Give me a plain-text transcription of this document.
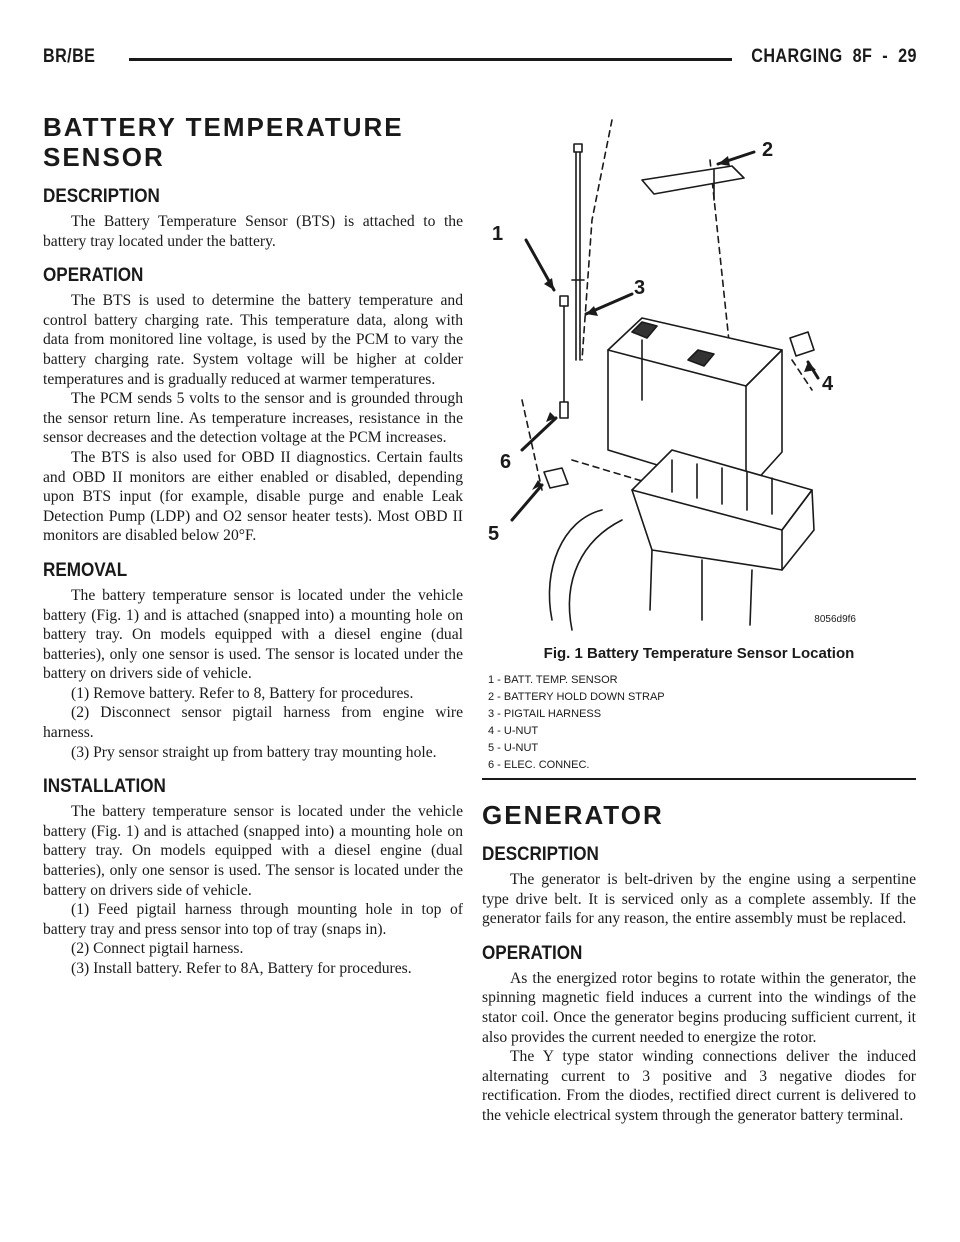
BR/BE	CHARGING 8F - 29
BATTERY TEMPERATURE SENSOR
DESCRIPTION

The Battery Temperature Sensor (BTS) is attached to the battery tray located under the battery.

OPERATION

The BTS is used to determine the battery temperature and control battery charging rate. This temperature data, along with data from monitored line voltage, is used by the PCM to vary the battery charging rate. System voltage will be higher at colder temperatures and is gradually reduced at warmer temperatures.

The PCM sends 5 volts to the sensor and is grounded through the sensor return line. As temperature increases, resistance in the sensor decreases and the detection voltage at the PCM increases.

The BTS is also used for OBD II diagnostics. Certain faults and OBD II monitors are either enabled or disabled, depending upon BTS input (for example, disable purge and enable Leak Detection Pump (LDP) and O2 sensor heater tests). Most OBD II monitors are disabled below 20°F.

REMOVAL

The battery temperature sensor is located under the vehicle battery (Fig. 1) and is attached (snapped into) a mounting hole on battery tray. On models equipped with a diesel engine (dual batteries), only one sensor is used. The sensor is located under the battery on drivers side of vehicle.

(1) Remove battery. Refer to 8, Battery for procedures.

(2) Disconnect sensor pigtail harness from engine wire harness.

(3) Pry sensor straight up from battery tray mounting hole.

INSTALLATION

The battery temperature sensor is located under the vehicle battery (Fig. 1) and is attached (snapped into) a mounting hole on battery tray. On models equipped with a diesel engine (dual batteries), only one sensor is used. The sensor is located under the battery on drivers side of vehicle.

(1) Feed pigtail harness through mounting hole in top of battery tray and press sensor into top of tray (snaps in).

(2) Connect pigtail harness.

(3) Install battery. Refer to 8A, Battery for procedures.

1
2
3
4
5
6
8056d9f6
Fig. 1 Battery Temperature Sensor Location
1 - BATT. TEMP. SENSOR
2 - BATTERY HOLD DOWN STRAP
3 - PIGTAIL HARNESS
4 - U-NUT
5 - U-NUT
6 - ELEC. CONNEC.
GENERATOR
DESCRIPTION

The generator is belt-driven by the engine using a serpentine type drive belt. It is serviced only as a complete assembly. If the generator fails for any reason, the entire assembly must be replaced.

OPERATION

As the energized rotor begins to rotate within the generator, the spinning magnetic field induces a current into the windings of the stator coil. Once the generator begins producing sufficient current, it also provides the current needed to energize the rotor.

The Y type stator winding connections deliver the induced alternating current to 3 positive and 3 negative diodes for rectification. From the diodes, rectified direct current is delivered to the vehicle electrical system through the generator battery terminal.
